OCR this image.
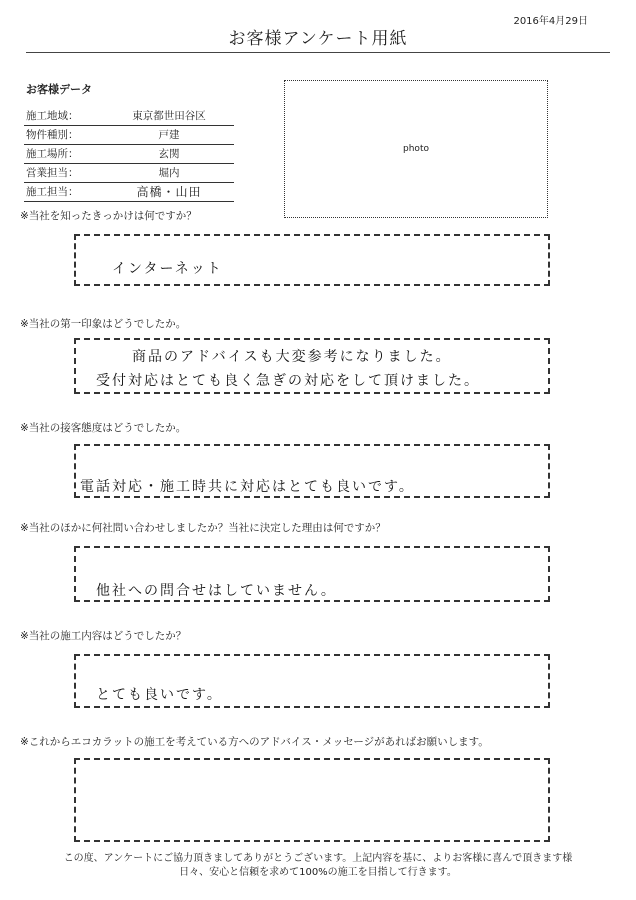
2016年4月29日
お客様アンケート用紙
お客様データ
施工地域：	東京都世田谷区
物件種別：	戸建
施工場所：	玄関
営業担当：	堀内
施工担当：	高橋・山田
photo
※当社を知ったきっかけは何ですか？
インターネット
※当社の第一印象はどうでしたか。
商品のアドバイスも大変参考になりました。
受付対応はとても良く急ぎの対応をして頂けました。
※当社の接客態度はどうでしたか。
電話対応・施工時共に対応はとても良いです。
※当社のほかに何社問い合わせしましたか？当社に決定した理由は何ですか？
他社への問合せはしていません。
※当社の施工内容はどうでしたか？
とても良いです。
※これからエコカラットの施工を考えている方へのアドバイス・メッセージがあればお願いします。
この度、アンケートにご協力頂きましてありがとうございます。上記内容を基に、よりお客様に喜んで頂きます様
日々、安心と信頼を求めて100%の施工を目指して行きます。
